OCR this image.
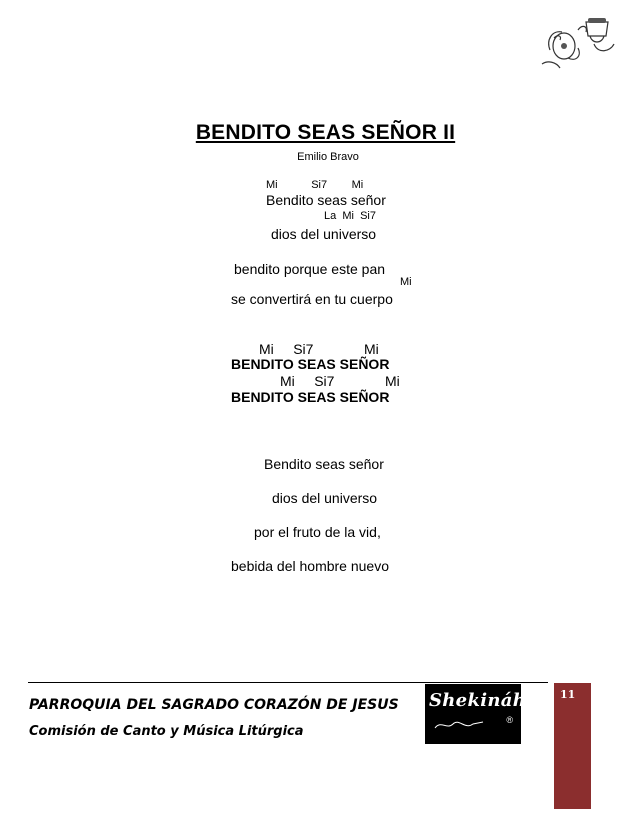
BENDITO SEAS SEÑOR II
Emilio Bravo
Mi           Si7        Mi
Bendito seas señor
La  Mi  Si7
dios del universo
bendito porque este pan
Mi
se convertirá en tu cuerpo
Mi     Si7             Mi
BENDITO SEAS SEÑOR
Mi     Si7             Mi
BENDITO SEAS SEÑOR
Bendito seas señor
dios del universo
por el fruto de la vid,
bebida del hombre nuevo
PARROQUIA DEL SAGRADO CORAZÓN DE JESUS
Comisión de Canto y Música Litúrgica
Shekináh
®
11
